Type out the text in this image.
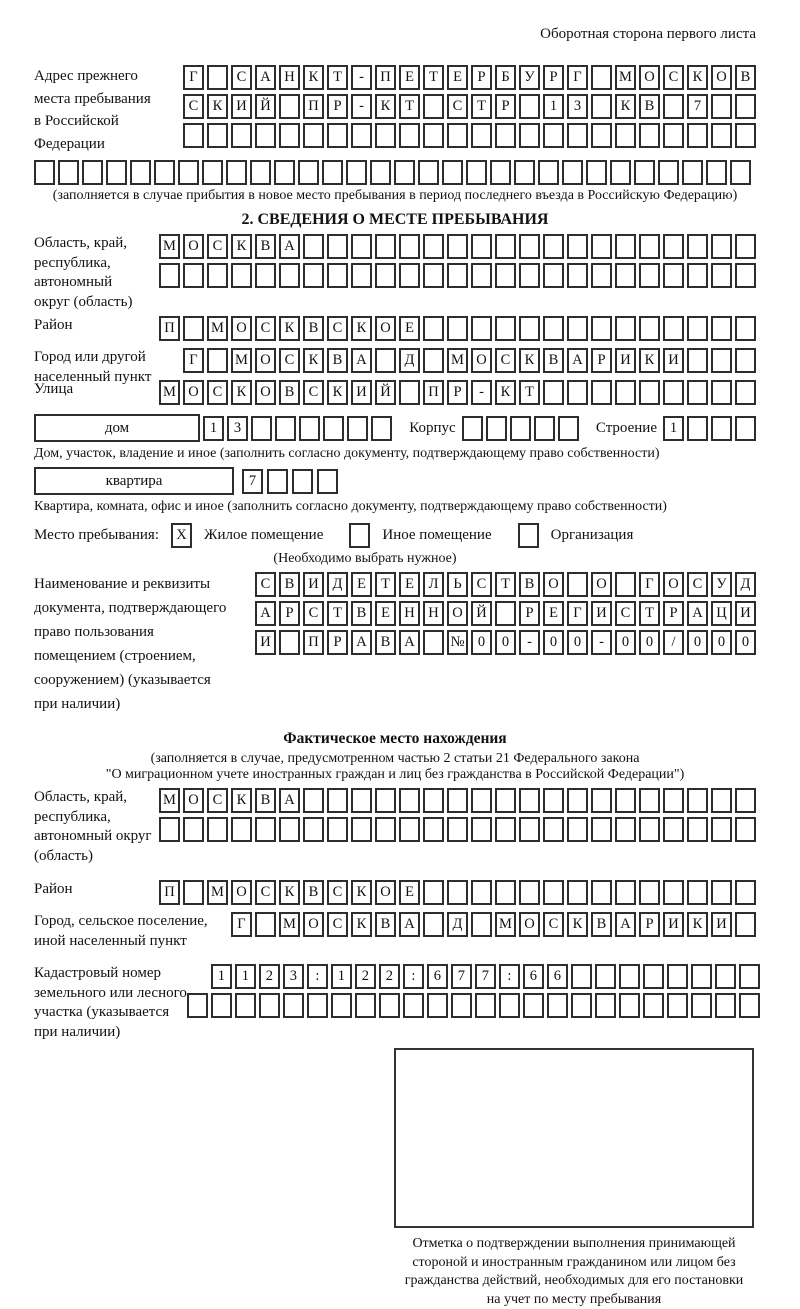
Оборотная сторона первого листа
Адрес прежнего
места пребывания
в Российской
Федерации
Г	С А Н К	Т	-	П Е	Т	Е	Р	Б	У	Р	Г	М О С К О В
С К И Й	П	Р	-	К	Т	С	Т	Р	1	3	К В	7
(заполняется в случае прибытия в новое место пребывания в период последнего въезда в Российскую Федерацию)
2. СВЕДЕНИЯ О МЕСТЕ ПРЕБЫВАНИЯ
Область, край,
республика,
автономный
округ (область)
М О С К В А
Район	П	М О С К В С К О Е
Город или другой
населенный пункт
Г	М О С К В А	Д	М О С К В А	Р	И К И
Улица	М О С К О В С К И Й	П	Р	-	К	Т
дом	1	3	Корпус	Строение 1
Дом, участок, владение и иное (заполнить согласно документу, подтверждающему право собственности)
квартира	7
Квартира, комната, офис и иное (заполнить согласно документу, подтверждающему право собственности)
Место пребывания:	X	Жилое помещение	Иное помещение	Организация
(Необходимо выбрать нужное)
Наименование и реквизиты
документа, подтверждающего
право пользования
помещением (строением,
сооружением) (указывается
при наличии)
С В И Д	Е	Т	Е	Л	Ь	С	Т	В О	О	Г	О С У Д
А	Р	С	Т	В	Е Н Н О Й	Р	Е	Г	И С	Т	Р	А Ц И
И	П	Р	А В А	№ 0	0	-	0	0	-	0	0	/	0	0	0
Фактическое место нахождения
(заполняется в случае, предусмотренном частью 2 статьи 21 Федерального закона
"О миграционном учете иностранных граждан и лиц без гражданства в Российской Федерации")
Область, край,
республика,
автономный округ
(область)
М О С К В А
Район	П	М О С К В С К О Е
Город, сельское поселение,
иной населенный пункт
Г	М О С К В А	Д	М О С К В А	Р	И К И
Кадастровый номер
земельного или лесного
участка (указывается
при наличии)
1	1	2	3	:	1	2	2	:	6	7	7	:	6	6
Отметка о подтверждении выполнения принимающей
стороной и иностранным гражданином или лицом без
гражданства действий, необходимых для его постановки
на учет по месту пребывания
